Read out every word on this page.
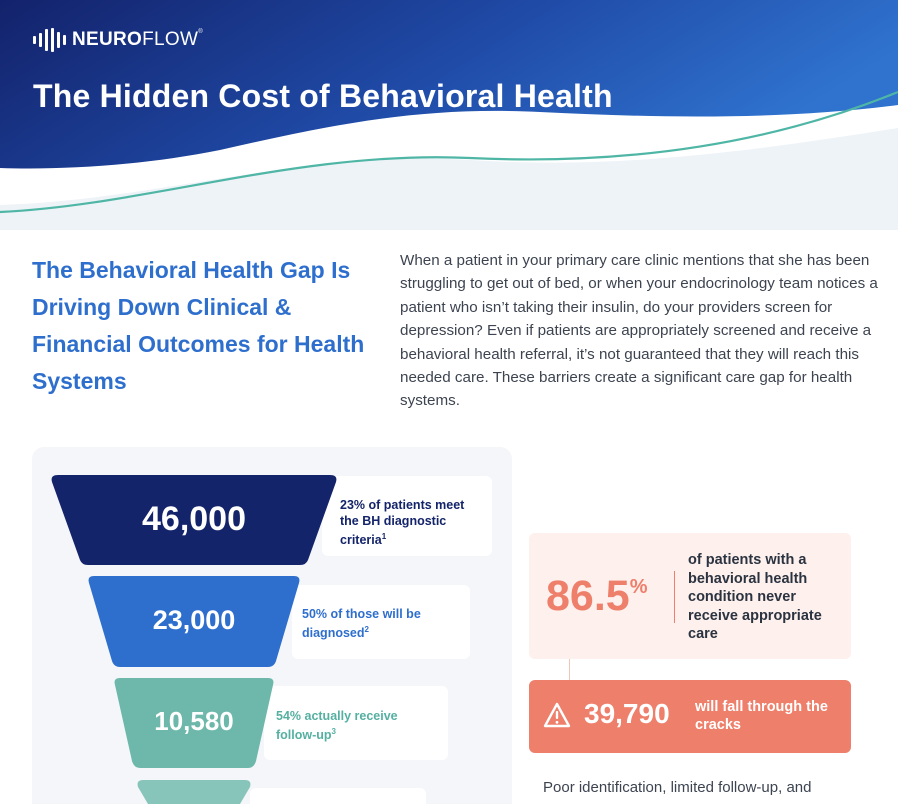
NEUROFLOW®
The Hidden Cost of Behavioral Health
The Behavioral Health Gap Is Driving Down Clinical & Financial Outcomes for Health Systems

When a patient in your primary care clinic mentions that she has been struggling to get out of bed, or when your endocrinology team notices a patient who isn’t taking their insulin, do your providers screen for depression? Even if patients are appropriately screened and receive a behavioral health referral, it’s not guaranteed that they will reach this needed care. These barriers create a significant care gap for health systems.

46,000
23,000
10,580
23% of patients meet the BH diagnostic criteria$^1$
50% of those will be diagnosed$^2$
54% actually receive follow-$up^3$
86.5 %
of patients with a behavioral health condition never receive appropriate care
39,790 will fall through the cracks

Poor identification, limited follow-up, and
